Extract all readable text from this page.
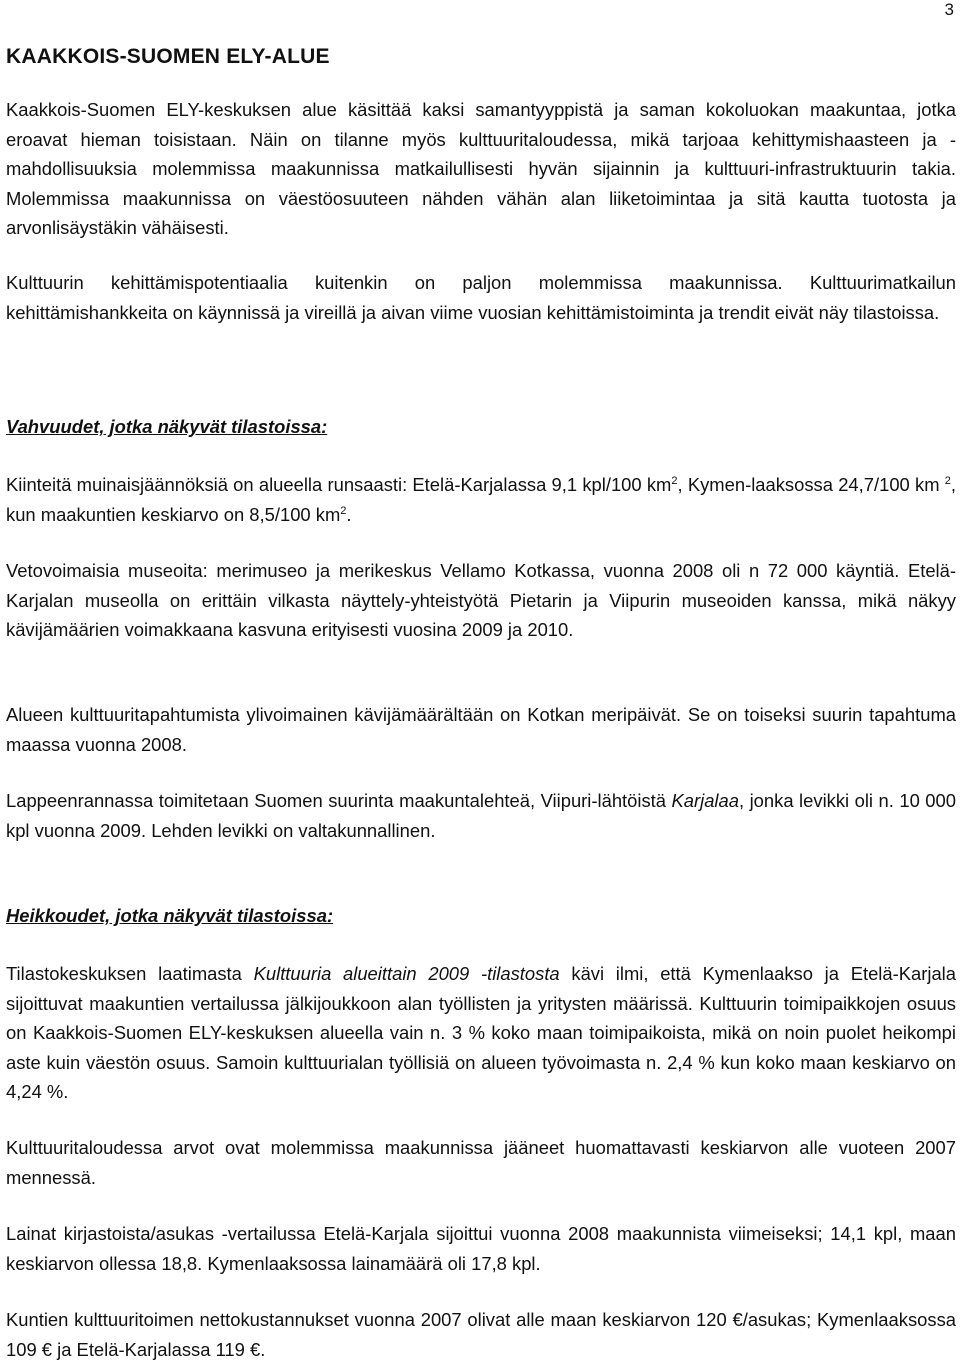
3
KAAKKOIS-SUOMEN ELY-ALUE

Kaakkois-Suomen ELY-keskuksen alue käsittää kaksi samantyyppistä ja saman kokoluokan maakuntaa, jotka eroavat hieman toisistaan. Näin on tilanne myös kulttuuritaloudessa, mikä tarjoaa kehittymishaasteen ja -mahdollisuuksia molemmissa maakunnissa matkailullisesti hyvän sijainnin ja kulttuuri-infrastruktuurin takia. Molemmissa maakunnissa on väestöosuuteen nähden vähän alan liiketoimintaa ja sitä kautta tuotosta ja arvonlisäystäkin vähäisesti.

Kulttuurin kehittämispotentiaalia kuitenkin on paljon molemmissa maakunnissa. Kulttuurimatkailun kehittämishankkeita on käynnissä ja vireillä ja aivan viime vuosian kehittämistoiminta ja trendit eivät näy tilastoissa.

Vahvuudet, jotka näkyvät tilastoissa:

Kiinteitä muinaisjäännöksiä on alueella runsaasti: Etelä-Karjalassa 9,1 kpl/100 $km^2$, Kymen-laaksossa 24,7/100 km $^2$, kun maakuntien keskiarvo on 8,5/100 $km^2$.

Vetovoimaisia museoita: merimuseo ja merikeskus Vellamo Kotkassa, vuonna 2008 oli n 72 000 käyntiä. Etelä-Karjalan museolla on erittäin vilkasta näyttely-yhteistyötä Pietarin ja Viipurin museoiden kanssa, mikä näkyy kävijämäärien voimakkaana kasvuna erityisesti vuosina 2009 ja 2010.

Alueen kulttuuritapahtumista ylivoimainen kävijämäärältään on Kotkan meripäivät. Se on toiseksi suurin tapahtuma maassa vuonna 2008.

Lappeenrannassa toimitetaan Suomen suurinta maakuntalehteä, Viipuri-lähtöistä Karjalaa, jonka levikki oli n. 10 000 kpl vuonna 2009. Lehden levikki on valtakunnallinen.

Heikkoudet, jotka näkyvät tilastoissa:

Tilastokeskuksen laatimasta Kulttuuria alueittain 2009 -tilastosta kävi ilmi, että Kymenlaakso ja Etelä-Karjala sijoittuvat maakuntien vertailussa jälkijoukkoon alan työllisten ja yritysten määrissä. Kulttuurin toimipaikkojen osuus on Kaakkois-Suomen ELY-keskuksen alueella vain n. 3 % koko maan toimipaikoista, mikä on noin puolet heikompi aste kuin väestön osuus. Samoin kulttuurialan työllisiä on alueen työvoimasta n. 2,4 % kun koko maan keskiarvo on 4,24 %.

Kulttuuritaloudessa arvot ovat molemmissa maakunnissa jääneet huomattavasti keskiarvon alle vuoteen 2007 mennessä.

Lainat kirjastoista/asukas -vertailussa Etelä-Karjala sijoittui vuonna 2008 maakunnista viimeiseksi; 14,1 kpl, maan keskiarvon ollessa 18,8. Kymenlaaksossa lainamäärä oli 17,8 kpl.

Kuntien kulttuuritoimen nettokustannukset vuonna 2007 olivat alle maan keskiarvon 120 €/asukas; Kymenlaaksossa 109 € ja Etelä-Karjalassa 119 €.
